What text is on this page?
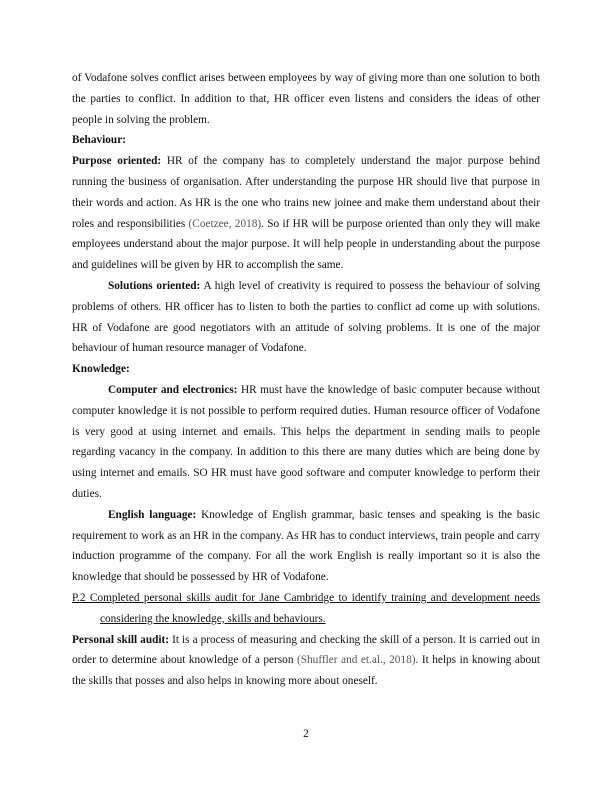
of Vodafone solves conflict arises between employees by way of giving more than one solution to both the parties to conflict. In addition to that, HR officer even listens and considers the ideas of other people in solving the problem.

Behaviour:

Purpose oriented: HR of the company has to completely understand the major purpose behind running the business of organisation. After understanding the purpose HR should live that purpose in their words and action. As HR is the one who trains new joinee and make them understand about their roles and responsibilities (Coetzee, 2018). So if HR will be purpose oriented than only they will make employees understand about the major purpose. It will help people in understanding about the purpose and guidelines will be given by HR to accomplish the same.

Solutions oriented: A high level of creativity is required to possess the behaviour of solving problems of others. HR officer has to listen to both the parties to conflict ad come up with solutions. HR of Vodafone are good negotiators with an attitude of solving problems. It is one of the major behaviour of human resource manager of Vodafone.

Knowledge:

Computer and electronics: HR must have the knowledge of basic computer because without computer knowledge it is not possible to perform required duties. Human resource officer of Vodafone is very good at using internet and emails. This helps the department in sending mails to people regarding vacancy in the company. In addition to this there are many duties which are being done by using internet and emails. SO HR must have good software and computer knowledge to perform their duties.

English language: Knowledge of English grammar, basic tenses and speaking is the basic requirement to work as an HR in the company. As HR has to conduct interviews, train people and carry induction programme of the company. For all the work English is really important so it is also the knowledge that should be possessed by HR of Vodafone.

P.2 Completed personal skills audit for Jane Cambridge to identify training and development needs considering the knowledge, skills and behaviours.

Personal skill audit: It is a process of measuring and checking the skill of a person. It is carried out in order to determine about knowledge of a person (Shuffler and et.al., 2018). It helps in knowing about the skills that posses and also helps in knowing more about oneself.

2
